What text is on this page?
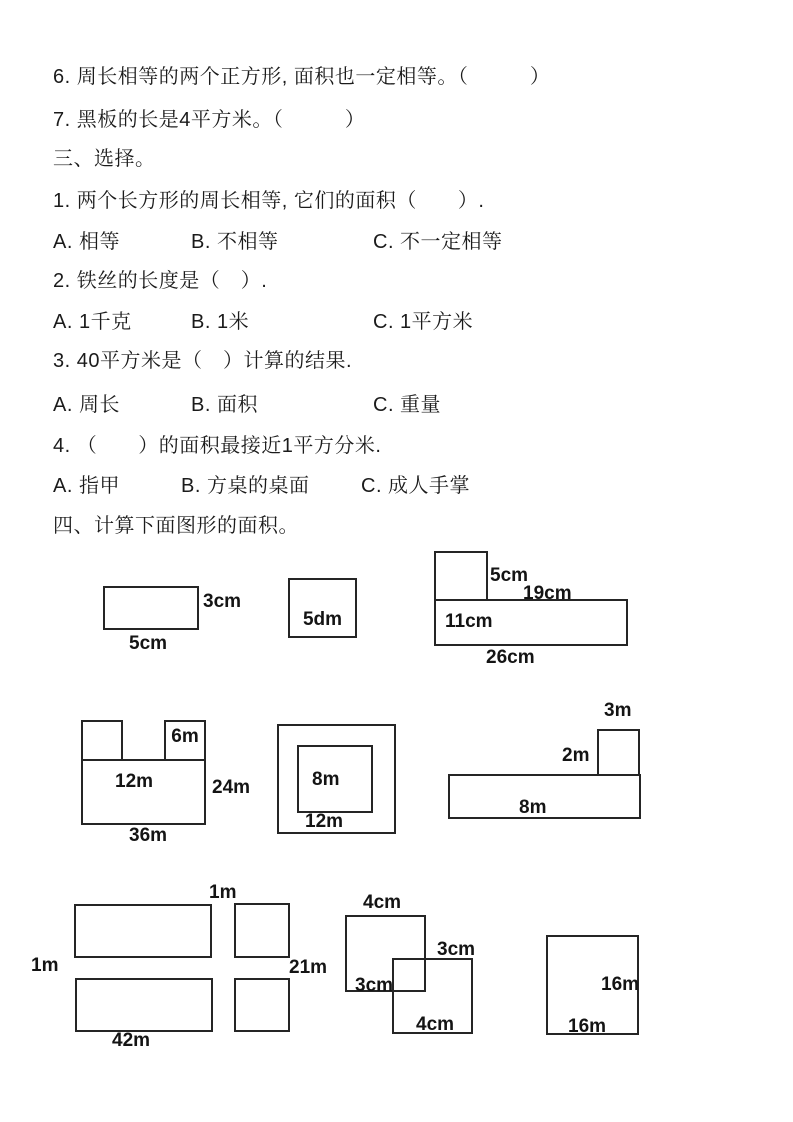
6. 周长相等的两个正方形, 面积也一定相等。（　　　）
7. 黑板的长是4平方米。（　　　）
三、选择。
1. 两个长方形的周长相等, 它们的面积（　　）.
A. 相等	B. 不相等	C. 不一定相等
2. 铁丝的长度是（　）.
A. 1千克	B. 1米	C. 1平方米
3. 40平方米是（　）计算的结果.
A. 周长	B. 面积	C. 重量
4. （　　）的面积最接近1平方分米.
A. 指甲	B. 方桌的桌面	C. 成人手掌
四、计算下面图形的面积。
3cm
5cm
5dm
5cm
19cm
11cm
26cm
6m
12m	24m
36m
8m
12m
3m
2m
8m
1m
1m	21m
42m
4cm
3cm
3cm
4cm
16m
16m
